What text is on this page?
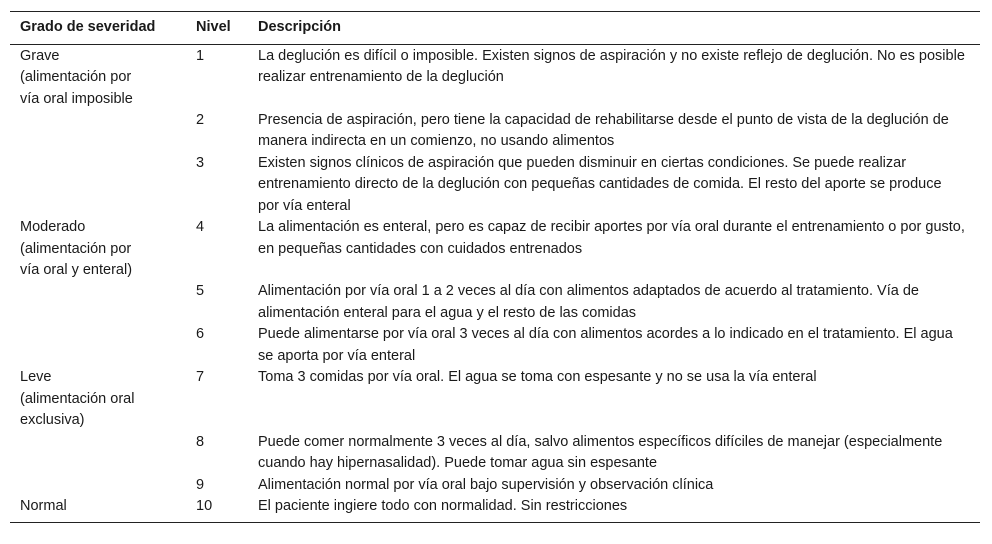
Grado de severidad	Nivel	Descripción
Grave
(alimentación por
vía oral imposible	1	La deglución es difícil o imposible. Existen signos de aspiración y no existe reflejo de deglución. No es posible realizar entrenamiento de la deglución
	2	Presencia de aspiración, pero tiene la capacidad de rehabilitarse desde el punto de vista de la deglución de manera indirecta en un comienzo, no usando alimentos
	3	Existen signos clínicos de aspiración que pueden disminuir en ciertas condiciones. Se puede realizar entrenamiento directo de la deglución con pequeñas cantidades de comida. El resto del aporte se produce por vía enteral
Moderado
(alimentación por
vía oral y enteral)	4	La alimentación es enteral, pero es capaz de recibir aportes por vía oral durante el entrenamiento o por gusto, en pequeñas cantidades con cuidados entrenados
	5	Alimentación por vía oral 1 a 2 veces al día con alimentos adaptados de acuerdo al tratamiento. Vía de alimentación enteral para el agua y el resto de las comidas
	6	Puede alimentarse por vía oral 3 veces al día con alimentos acordes a lo indicado en el tratamiento. El agua se aporta por vía enteral
Leve
(alimentación oral
exclusiva)	7	Toma 3 comidas por vía oral. El agua se toma con espesante y no se usa la vía enteral
	8	Puede comer normalmente 3 veces al día, salvo alimentos específicos difíciles de manejar (especialmente cuando hay hipernasalidad). Puede tomar agua sin espesante
	9	Alimentación normal por vía oral bajo supervisión y observación clínica
Normal	10	El paciente ingiere todo con normalidad. Sin restricciones
